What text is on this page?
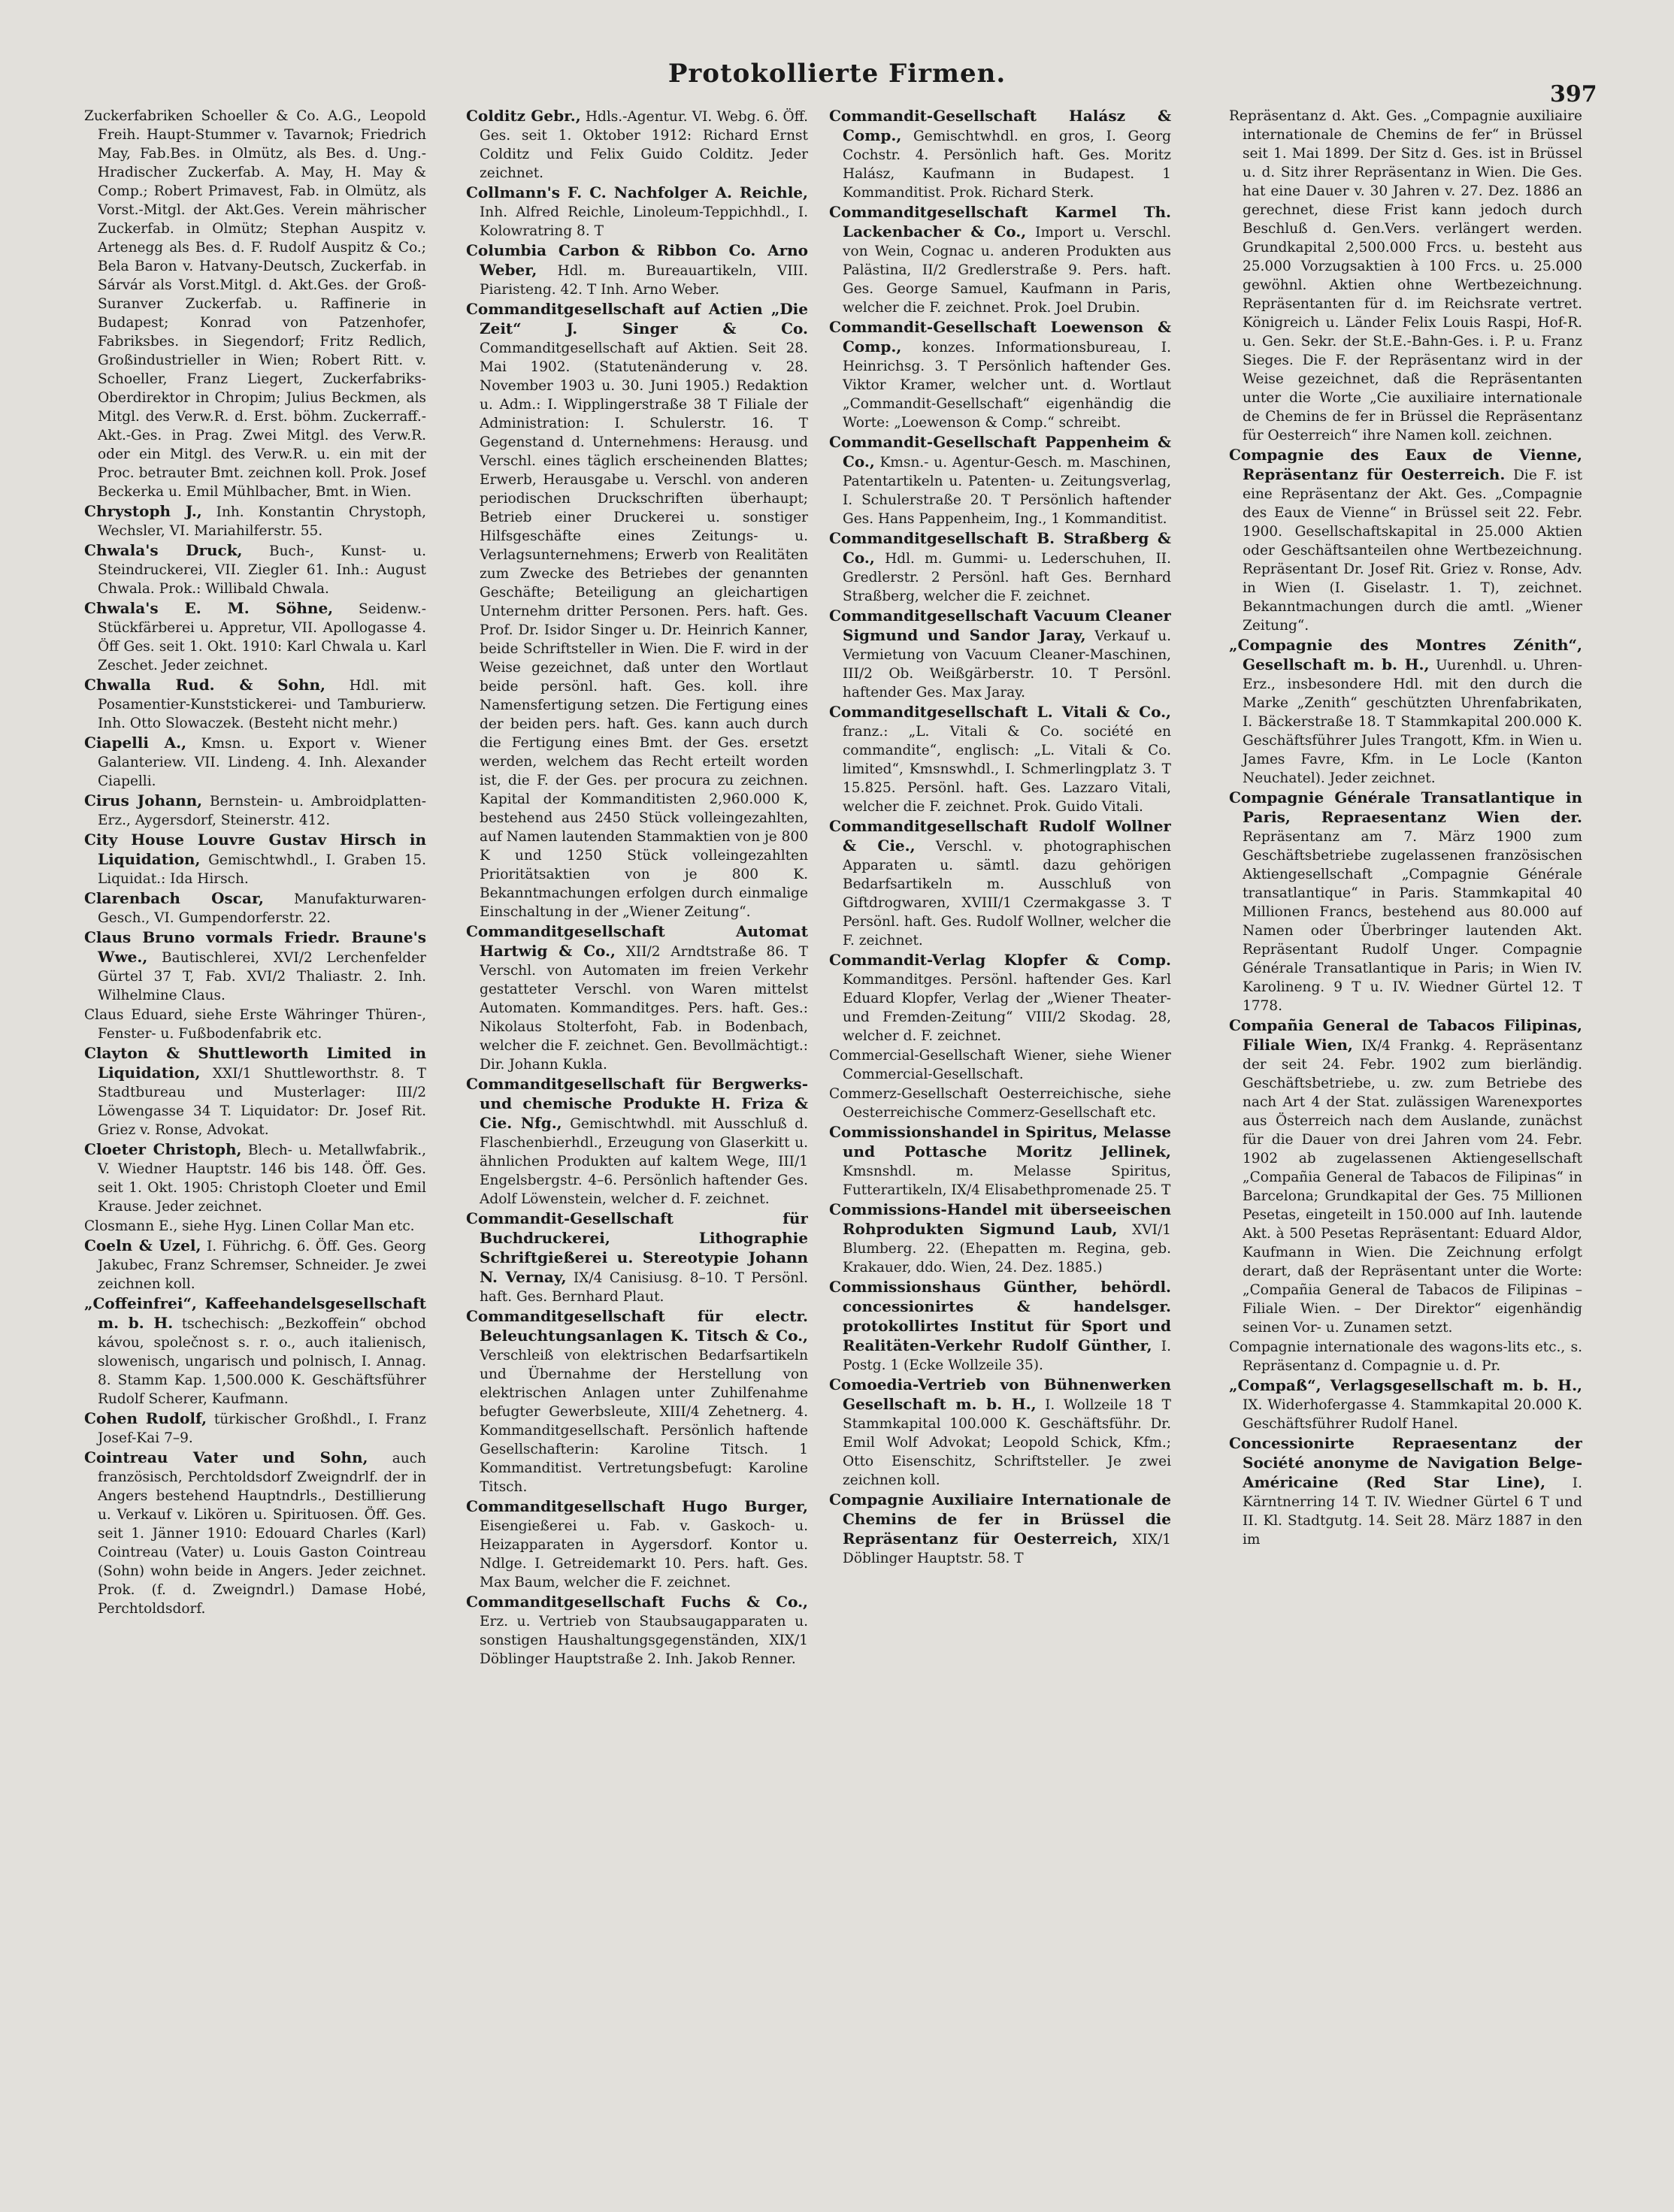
Protokollierte Firmen.
397

Zuckerfabriken Schoeller & Co. A.G., Leopold Freih. Haupt-Stummer v. Tavarnok; Friedrich May, Fab.Bes. in Olmütz, als Bes. d. Ung.-Hradischer Zuckerfab. A. May, H. May & Comp.; Robert Primavest, Fab. in Olmütz, als Vorst.-Mitgl. der Akt.Ges. Verein mährischer Zuckerfab. in Olmütz; Stephan Auspitz v. Artenegg als Bes. d. F. Rudolf Auspitz & Co.; Bela Baron v. Hatvany-Deutsch, Zuckerfab. in Sárvár als Vorst.Mitgl. d. Akt.Ges. der Groß-Suranver Zuckerfab. u. Raffinerie in Budapest; Konrad von Patzenhofer, Fabriksbes. in Siegendorf; Fritz Redlich, Großindustrieller in Wien; Robert Ritt. v. Schoeller, Franz Liegert, Zuckerfabriks-Oberdirektor in Chropim; Julius Beckmen, als Mitgl. des Verw.R. d. Erst. böhm. Zuckerraff.-Akt.-Ges. in Prag. Zwei Mitgl. des Verw.R. oder ein Mitgl. des Verw.R. u. ein mit der Proc. betrauter Bmt. zeichnen koll. Prok. Josef Beckerka u. Emil Mühlbacher, Bmt. in Wien.

Chrystoph J., Inh. Konstantin Chrystoph, Wechsler, VI. Mariahilferstr. 55.

Chwala's Druck, Buch-, Kunst- u. Steindruckerei, VII. Ziegler 61. Inh.: August Chwala. Prok.: Willibald Chwala.

Chwala's E. M. Söhne, Seidenw.-Stückfärberei u. Appretur, VII. Apollogasse 4. Öff Ges. seit 1. Okt. 1910: Karl Chwala u. Karl Zeschet. Jeder zeichnet.

Chwalla Rud. & Sohn, Hdl. mit Posamentier-Kunststickerei- und Tamburierw. Inh. Otto Slowaczek. (Besteht nicht mehr.)

Ciapelli A., Kmsn. u. Export v. Wiener Galanteriew. VII. Lindeng. 4. Inh. Alexander Ciapelli.

Cirus Johann, Bernstein- u. Ambroidplatten-Erz., Aygersdorf, Steinerstr. 412.

City House Louvre Gustav Hirsch in Liquidation, Gemischtwhdl., I. Graben 15. Liquidat.: Ida Hirsch.

Clarenbach Oscar, Manufakturwaren-Gesch., VI. Gumpendorferstr. 22.

Claus Bruno vormals Friedr. Braune's Wwe., Bautischlerei, XVI/2 Lerchenfelder Gürtel 37 T, Fab. XVI/2 Thaliastr. 2. Inh. Wilhelmine Claus.

Claus Eduard, siehe Erste Währinger Thüren-, Fenster- u. Fußbodenfabrik etc.

Clayton & Shuttleworth Limited in Liquidation, XXI/1 Shuttleworthstr. 8. T Stadtbureau und Musterlager: III/2 Löwengasse 34 T. Liquidator: Dr. Josef Rit. Griez v. Ronse, Advokat.

Cloeter Christoph, Blech- u. Metallwfabrik., V. Wiedner Hauptstr. 146 bis 148. Öff. Ges. seit 1. Okt. 1905: Christoph Cloeter und Emil Krause. Jeder zeichnet.

Closmann E., siehe Hyg. Linen Collar Man etc.

Coeln & Uzel, I. Führichg. 6. Öff. Ges. Georg Jakubec, Franz Schremser, Schneider. Je zwei zeichnen koll.

„Coffeinfrei“, Kaffeehandelsgesellschaft m. b. H. tschechisch: „Bezkoffein“ obchod kávou, společnost s. r. o., auch italienisch, slowenisch, ungarisch und polnisch, I. Annag. 8. Stamm Kap. 1,500.000 K. Geschäftsführer Rudolf Scherer, Kaufmann.

Cohen Rudolf, türkischer Großhdl., I. Franz Josef-Kai 7–9.

Cointreau Vater und Sohn, auch französisch, Perchtoldsdorf Zweigndrlf. der in Angers bestehend Hauptndrls., Destillierung u. Verkauf v. Likören u. Spirituosen. Öff. Ges. seit 1. Jänner 1910: Edouard Charles (Karl) Cointreau (Vater) u. Louis Gaston Cointreau (Sohn) wohn beide in Angers. Jeder zeichnet. Prok. (f. d. Zweigndrl.) Damase Hobé, Perchtoldsdorf.

Colditz Gebr., Hdls.-Agentur. VI. Webg. 6. Öff. Ges. seit 1. Oktober 1912: Richard Ernst Colditz und Felix Guido Colditz. Jeder zeichnet.

Collmann's F. C. Nachfolger A. Reichle, Inh. Alfred Reichle, Linoleum-Teppichhdl., I. Kolowratring 8. T

Columbia Carbon & Ribbon Co. Arno Weber, Hdl. m. Bureauartikeln, VIII. Piaristeng. 42. T Inh. Arno Weber.

Commanditgesellschaft auf Actien „Die Zeit“ J. Singer & Co. Commanditgesellschaft auf Aktien. Seit 28. Mai 1902. (Statutenänderung v. 28. November 1903 u. 30. Juni 1905.) Redaktion u. Adm.: I. Wipplingerstraße 38 T Filiale der Administration: I. Schulerstr. 16. T Gegenstand d. Unternehmens: Herausg. und Verschl. eines täglich erscheinenden Blattes; Erwerb, Herausgabe u. Verschl. von anderen periodischen Druckschriften überhaupt; Betrieb einer Druckerei u. sonstiger Hilfsgeschäfte eines Zeitungs- u. Verlagsunternehmens; Erwerb von Realitäten zum Zwecke des Betriebes der genannten Geschäfte; Beteiligung an gleichartigen Unternehm dritter Personen. Pers. haft. Ges. Prof. Dr. Isidor Singer u. Dr. Heinrich Kanner, beide Schriftsteller in Wien. Die F. wird in der Weise gezeichnet, daß unter den Wortlaut beide persönl. haft. Ges. koll. ihre Namensfertigung setzen. Die Fertigung eines der beiden pers. haft. Ges. kann auch durch die Fertigung eines Bmt. der Ges. ersetzt werden, welchem das Recht erteilt worden ist, die F. der Ges. per procura zu zeichnen. Kapital der Kommanditisten 2,960.000 K, bestehend aus 2450 Stück volleingezahlten, auf Namen lautenden Stammaktien von je 800 K und 1250 Stück volleingezahlten Prioritätsaktien von je 800 K. Bekanntmachungen erfolgen durch einmalige Einschaltung in der „Wiener Zeitung“.

Commanditgesellschaft Automat Hartwig & Co., XII/2 Arndtstraße 86. T Verschl. von Automaten im freien Verkehr gestatteter Verschl. von Waren mittelst Automaten. Kommanditges. Pers. haft. Ges.: Nikolaus Stolterfoht, Fab. in Bodenbach, welcher die F. zeichnet. Gen. Bevollmächtigt.: Dir. Johann Kukla.

Commanditgesellschaft für Bergwerks- und chemische Produkte H. Friza & Cie. Nfg., Gemischtwhdl. mit Ausschluß d. Flaschenbierhdl., Erzeugung von Glaserkitt u. ähnlichen Produkten auf kaltem Wege, III/1 Engelsbergstr. 4–6. Persönlich haftender Ges. Adolf Löwenstein, welcher d. F. zeichnet.

Commandit-Gesellschaft für Buchdruckerei, Lithographie Schriftgießerei u. Stereotypie Johann N. Vernay, IX/4 Canisiusg. 8–10. T Persönl. haft. Ges. Bernhard Plaut.

Commanditgesellschaft für electr. Beleuchtungsanlagen K. Titsch & Co., Verschleiß von elektrischen Bedarfsartikeln und Übernahme der Herstellung von elektrischen Anlagen unter Zuhilfenahme befugter Gewerbsleute, XIII/4 Zehetnerg. 4. Kommanditgesellschaft. Persönlich haftende Gesellschafterin: Karoline Titsch. 1 Kommanditist. Vertretungsbefugt: Karoline Titsch.

Commanditgesellschaft Hugo Burger, Eisengießerei u. Fab. v. Gaskoch- u. Heizapparaten in Aygersdorf. Kontor u. Ndlge. I. Getreidemarkt 10. Pers. haft. Ges. Max Baum, welcher die F. zeichnet.

Commanditgesellschaft Fuchs & Co., Erz. u. Vertrieb von Staubsaugapparaten u. sonstigen Haushaltungsgegenständen, XIX/1 Döblinger Hauptstraße 2. Inh. Jakob Renner.

Commandit-Gesellschaft Halász & Comp., Gemischtwhdl. en gros, I. Georg Cochstr. 4. Persönlich haft. Ges. Moritz Halász, Kaufmann in Budapest. 1 Kommanditist. Prok. Richard Sterk.

Commanditgesellschaft Karmel Th. Lackenbacher & Co., Import u. Verschl. von Wein, Cognac u. anderen Produkten aus Palästina, II/2 Gredlerstraße 9. Pers. haft. Ges. George Samuel, Kaufmann in Paris, welcher die F. zeichnet. Prok. Joel Drubin.

Commandit-Gesellschaft Loewenson & Comp., konzes. Informationsbureau, I. Heinrichsg. 3. T Persönlich haftender Ges. Viktor Kramer, welcher unt. d. Wortlaut „Commandit-Gesellschaft“ eigenhändig die Worte: „Loewenson & Comp.“ schreibt.

Commandit-Gesellschaft Pappenheim & Co., Kmsn.- u. Agentur-Gesch. m. Maschinen, Patentartikeln u. Patenten- u. Zeitungsverlag, I. Schulerstraße 20. T Persönlich haftender Ges. Hans Pappenheim, Ing., 1 Kommanditist.

Commanditgesellschaft B. Straßberg & Co., Hdl. m. Gummi- u. Lederschuhen, II. Gredlerstr. 2 Persönl. haft Ges. Bernhard Straßberg, welcher die F. zeichnet.

Commanditgesellschaft Vacuum Cleaner Sigmund und Sandor Jaray, Verkauf u. Vermietung von Vacuum Cleaner-Maschinen, III/2 Ob. Weißgärberstr. 10. T Persönl. haftender Ges. Max Jaray.

Commanditgesellschaft L. Vitali & Co., franz.: „L. Vitali & Co. société en commandite“, englisch: „L. Vitali & Co. limited“, Kmsnswhdl., I. Schmerlingplatz 3. T 15.825. Persönl. haft. Ges. Lazzaro Vitali, welcher die F. zeichnet. Prok. Guido Vitali.

Commanditgesellschaft Rudolf Wollner & Cie., Verschl. v. photographischen Apparaten u. sämtl. dazu gehörigen Bedarfsartikeln m. Ausschluß von Giftdrogwaren, XVIII/1 Czermakgasse 3. T Persönl. haft. Ges. Rudolf Wollner, welcher die F. zeichnet.

Commandit-Verlag Klopfer & Comp. Kommanditges. Persönl. haftender Ges. Karl Eduard Klopfer, Verlag der „Wiener Theater- und Fremden-Zeitung“ VIII/2 Skodag. 28, welcher d. F. zeichnet.

Commercial-Gesellschaft Wiener, siehe Wiener Commercial-Gesellschaft.

Commerz-Gesellschaft Oesterreichische, siehe Oesterreichische Commerz-Gesellschaft etc.

Commissionshandel in Spiritus, Melasse und Pottasche Moritz Jellinek, Kmsnshdl. m. Melasse Spiritus, Futterartikeln, IX/4 Elisabethpromenade 25. T

Commissions-Handel mit überseeischen Rohprodukten Sigmund Laub, XVI/1 Blumberg. 22. (Ehepatten m. Regina, geb. Krakauer, ddo. Wien, 24. Dez. 1885.)

Commissionshaus Günther, behördl. concessionirtes & handelsger. protokollirtes Institut für Sport und Realitäten-Verkehr Rudolf Günther, I. Postg. 1 (Ecke Wollzeile 35).

Comoedia-Vertrieb von Bühnenwerken Gesellschaft m. b. H., I. Wollzeile 18 T Stammkapital 100.000 K. Geschäftsführ. Dr. Emil Wolf Advokat; Leopold Schick, Kfm.; Otto Eisenschitz, Schriftsteller. Je zwei zeichnen koll.

Compagnie Auxiliaire Internationale de Chemins de fer in Brüssel die Repräsentanz für Oesterreich, XIX/1 Döblinger Hauptstr. 58. T

Repräsentanz d. Akt. Ges. „Compagnie auxiliaire internationale de Chemins de fer“ in Brüssel seit 1. Mai 1899. Der Sitz d. Ges. ist in Brüssel u. d. Sitz ihrer Repräsentanz in Wien. Die Ges. hat eine Dauer v. 30 Jahren v. 27. Dez. 1886 an gerechnet, diese Frist kann jedoch durch Beschluß d. Gen.Vers. verlängert werden. Grundkapital 2,500.000 Frcs. u. besteht aus 25.000 Vorzugsaktien à 100 Frcs. u. 25.000 gewöhnl. Aktien ohne Wertbezeichnung. Repräsentanten für d. im Reichsrate vertret. Königreich u. Länder Felix Louis Raspi, Hof-R. u. Gen. Sekr. der St.E.-Bahn-Ges. i. P. u. Franz Sieges. Die F. der Repräsentanz wird in der Weise gezeichnet, daß die Repräsentanten unter die Worte „Cie auxiliaire internationale de Chemins de fer in Brüssel die Repräsentanz für Oesterreich“ ihre Namen koll. zeichnen.

Compagnie des Eaux de Vienne, Repräsentanz für Oesterreich. Die F. ist eine Repräsentanz der Akt. Ges. „Compagnie des Eaux de Vienne“ in Brüssel seit 22. Febr. 1900. Gesellschaftskapital in 25.000 Aktien oder Geschäftsanteilen ohne Wertbezeichnung. Repräsentant Dr. Josef Rit. Griez v. Ronse, Adv. in Wien (I. Giselastr. 1. T), zeichnet. Bekanntmachungen durch die amtl. „Wiener Zeitung“.

„Compagnie des Montres Zénith“, Gesellschaft m. b. H., Uurenhdl. u. Uhren-Erz., insbesondere Hdl. mit den durch die Marke „Zenith“ geschützten Uhrenfabrikaten, I. Bäckerstraße 18. T Stammkapital 200.000 K. Geschäftsführer Jules Trangott, Kfm. in Wien u. James Favre, Kfm. in Le Locle (Kanton Neuchatel). Jeder zeichnet.

Compagnie Générale Transatlantique in Paris, Repraesentanz Wien der. Repräsentanz am 7. März 1900 zum Geschäftsbetriebe zugelassenen französischen Aktiengesellschaft „Compagnie Générale transatlantique“ in Paris. Stammkapital 40 Millionen Francs, bestehend aus 80.000 auf Namen oder Überbringer lautenden Akt. Repräsentant Rudolf Unger. Compagnie Générale Transatlantique in Paris; in Wien IV. Karolineng. 9 T u. IV. Wiedner Gürtel 12. T 1778.

Compañia General de Tabacos Filipinas, Filiale Wien, IX/4 Frankg. 4. Repräsentanz der seit 24. Febr. 1902 zum bierländig. Geschäftsbetriebe, u. zw. zum Betriebe des nach Art 4 der Stat. zulässigen Warenexportes aus Österreich nach dem Auslande, zunächst für die Dauer von drei Jahren vom 24. Febr. 1902 ab zugelassenen Aktiengesellschaft „Compañia General de Tabacos de Filipinas“ in Barcelona; Grundkapital der Ges. 75 Millionen Pesetas, eingeteilt in 150.000 auf Inh. lautende Akt. à 500 Pesetas Repräsentant: Eduard Aldor, Kaufmann in Wien. Die Zeichnung erfolgt derart, daß der Repräsentant unter die Worte: „Compañia General de Tabacos de Filipinas – Filiale Wien. – Der Direktor“ eigenhändig seinen Vor- u. Zunamen setzt.

Compagnie internationale des wagons-lits etc., s. Repräsentanz d. Compagnie u. d. Pr.

„Compaß“, Verlagsgesellschaft m. b. H., IX. Widerhofergasse 4. Stammkapital 20.000 K. Geschäftsführer Rudolf Hanel.

Concessionirte Repraesentanz der Société anonyme de Navigation Belge-Américaine (Red Star Line), I. Kärntnerring 14 T. IV. Wiedner Gürtel 6 T und II. Kl. Stadtgutg. 14. Seit 28. März 1887 in den im
